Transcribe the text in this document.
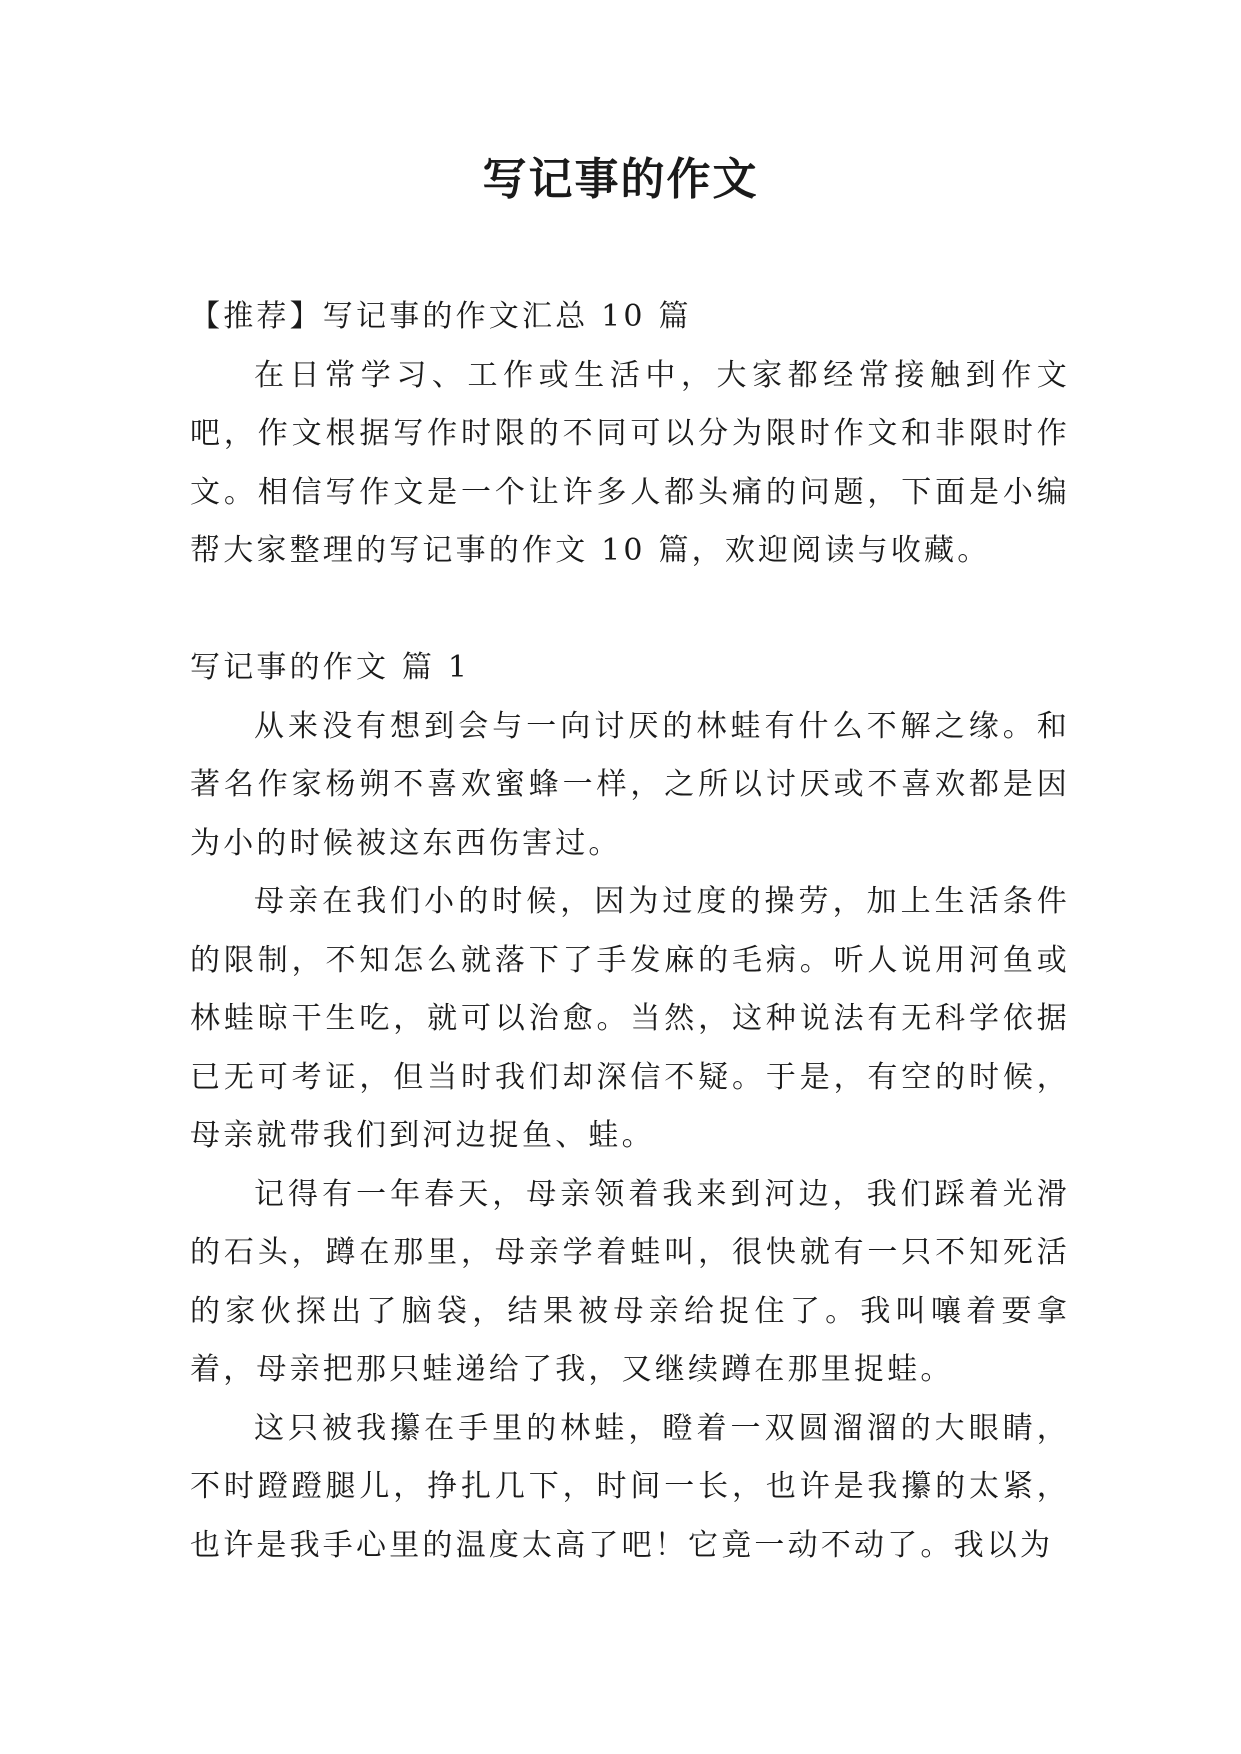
写记事的作文

【推荐】写记事的作文汇总 10 篇

在日常学习、工作或生活中，大家都经常接触到作文吧，作文根据写作时限的不同可以分为限时作文和非限时作文。相信写作文是一个让许多人都头痛的问题，下面是小编帮大家整理的写记事的作文 10 篇，欢迎阅读与收藏。

写记事的作文 篇 1

从来没有想到会与一向讨厌的林蛙有什么不解之缘。和著名作家杨朔不喜欢蜜蜂一样，之所以讨厌或不喜欢都是因为小的时候被这东西伤害过。

母亲在我们小的时候，因为过度的操劳，加上生活条件的限制，不知怎么就落下了手发麻的毛病。听人说用河鱼或林蛙晾干生吃，就可以治愈。当然，这种说法有无科学依据已无可考证，但当时我们却深信不疑。于是，有空的时候，母亲就带我们到河边捉鱼、蛙。

记得有一年春天，母亲领着我来到河边，我们踩着光滑的石头，蹲在那里，母亲学着蛙叫，很快就有一只不知死活的家伙探出了脑袋，结果被母亲给捉住了。我叫嚷着要拿着，母亲把那只蛙递给了我，又继续蹲在那里捉蛙。

这只被我攥在手里的林蛙，瞪着一双圆溜溜的大眼睛，不时蹬蹬腿儿，挣扎几下，时间一长，也许是我攥的太紧，也许是我手心里的温度太高了吧！它竟一动不动了。我以为
